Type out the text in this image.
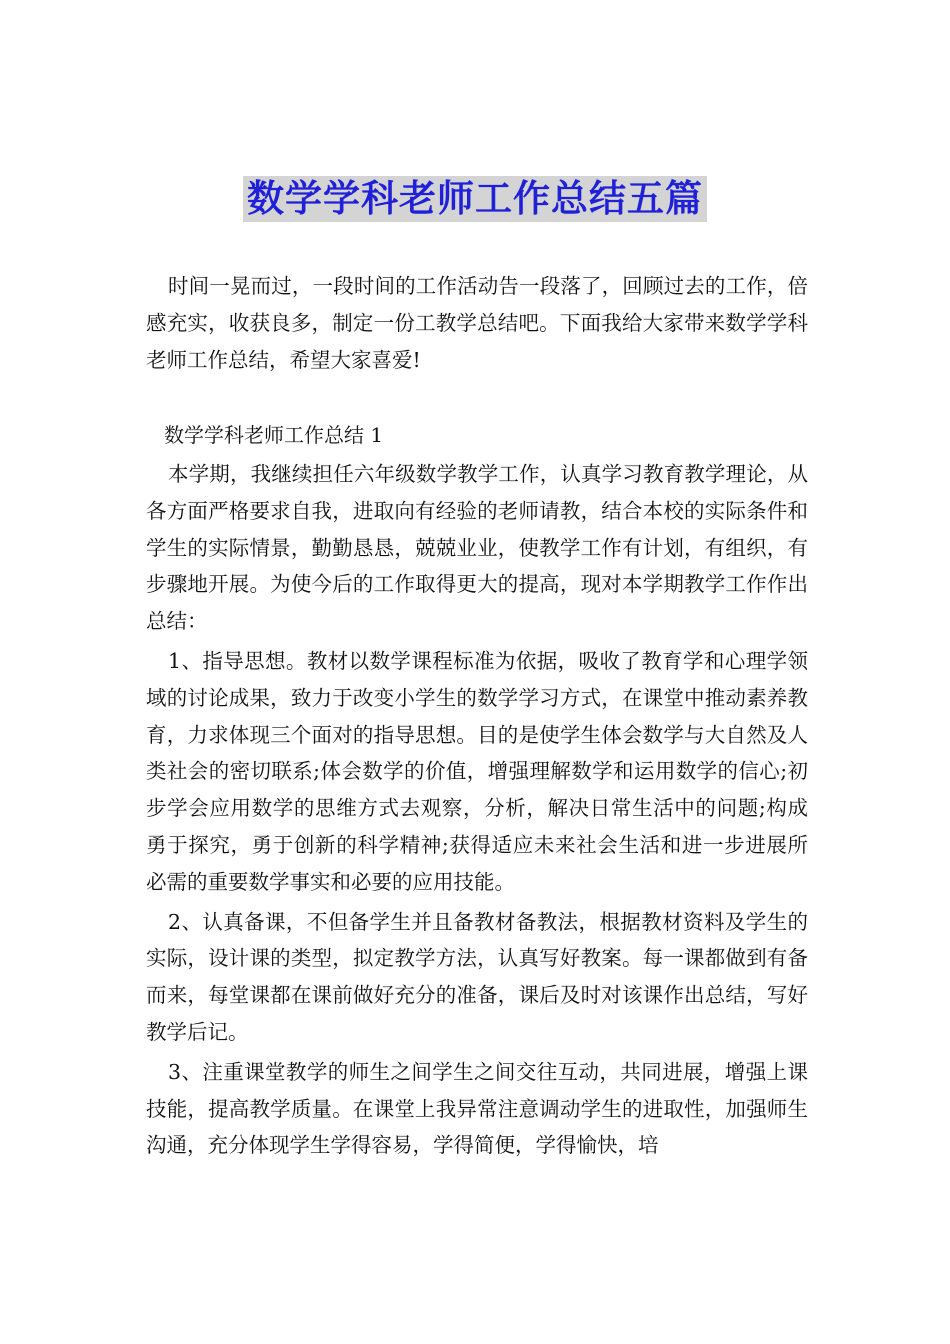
数学学科老师工作总结五篇

时间一晃而过，一段时间的工作活动告一段落了，回顾过去的工作，倍感充实，收获良多，制定一份工教学总结吧。下面我给大家带来数学学科老师工作总结，希望大家喜爱!

数学学科老师工作总结 1

本学期，我继续担任六年级数学教学工作，认真学习教育教学理论，从各方面严格要求自我，进取向有经验的老师请教，结合本校的实际条件和学生的实际情景，勤勤恳恳，兢兢业业，使教学工作有计划，有组织，有步骤地开展。为使今后的工作取得更大的提高，现对本学期教学工作作出总结：

1、指导思想。教材以数学课程标准为依据，吸收了教育学和心理学领域的讨论成果，致力于改变小学生的数学学习方式，在课堂中推动素养教育，力求体现三个面对的指导思想。目的是使学生体会数学与大自然及人类社会的密切联系;体会数学的价值，增强理解数学和运用数学的信心;初步学会应用数学的思维方式去观察，分析，解决日常生活中的问题;构成勇于探究，勇于创新的科学精神;获得适应未来社会生活和进一步进展所必需的重要数学事实和必要的应用技能。

2、认真备课，不但备学生并且备教材备教法，根据教材资料及学生的实际，设计课的类型，拟定教学方法，认真写好教案。每一课都做到有备而来，每堂课都在课前做好充分的准备，课后及时对该课作出总结，写好教学后记。

3、注重课堂教学的师生之间学生之间交往互动，共同进展，增强上课技能，提高教学质量。在课堂上我异常注意调动学生的进取性，加强师生沟通，充分体现学生学得容易，学得简便，学得愉快，培
